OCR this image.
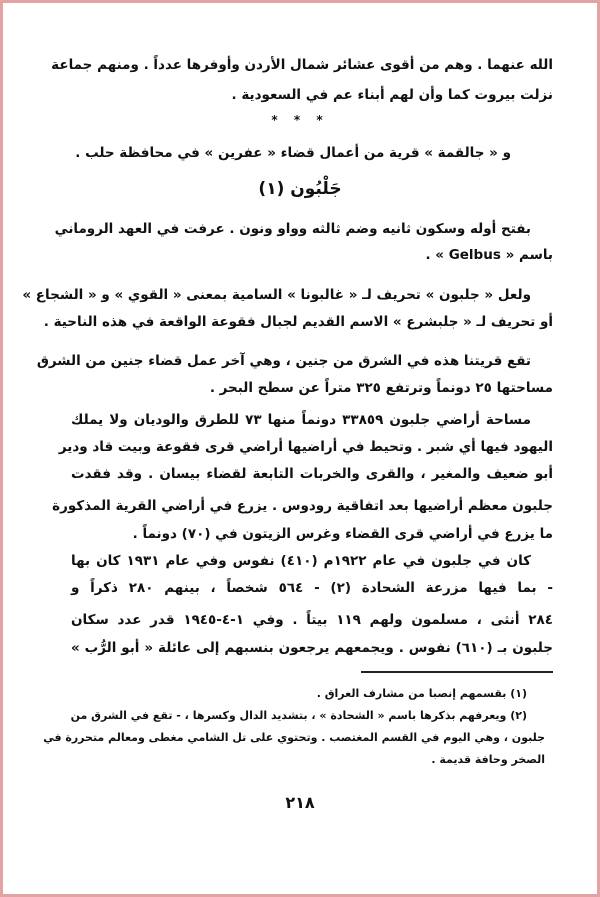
الله عنهما . وهم من أقوى عشائر شمال الأردن وأوفرها عدداً . ومنهم جماعة
نزلت بيروت كما وأن لهم أبناء عم في السعودية .
* * *
و « جالقمة » قرية من أعمال قضاء « عفرين » في محافظة حلب .
جَلْبُون (١)
بفتح أوله وسكون ثانيه وضم ثالثه وواو ونون . عرفت في العهد الروماني
باسم « Gelbus » .
ولعل « جلبون » تحريف لـ « غالبونا » السامية بمعنى « القوي » و « الشجاع »
أو تحريف لـ « جلبشرع » الاسم القديم لجبال فقوعة الواقعة في هذه الناحية .
تقع قريتنا هذه في الشرق من جنين ، وهي آخر عمل قضاء جنين من الشرق
مساحتها ٢٥ دونماً وترتفع ٣٢٥ متراً عن سطح البحر .
مساحة أراضي جلبون ٣٣٨٥٩ دونماً منها ٧٣ للطرق والوديان ولا يملك
اليهود فيها أي شبر . وتحيط في أراضيها أراضي قرى فقوعة وبيت قاد ودير
أبو ضعيف والمغير ، والقرى والخربات التابعة لقضاء بيسان . وقد فقدت
جلبون معظم أراضيها بعد اتفاقية رودوس . يزرع في أراضي القرية المذكورة
ما يزرع في أراضي قرى القضاء وغرس الزيتون في (٧٠) دونماً .
كان في جلبون في عام ١٩٢٢م (٤١٠) نفوس وفي عام ١٩٣١ كان بها
- بما فيها مزرعة الشحادة (٢) - ٥٦٤ شخصاً ، بينهم ٢٨٠ ذكراً و
٢٨٤ أنثى ، مسلمون ولهم ١١٩ بيتاً . وفي ١-٤-١٩٤٥ قدر عدد سكان
جلبون بـ (٦١٠) نفوس . ويجمعهم يرجعون بنسبهم إلى عائلة « أبو الرُّب »
(١) بقسمهم إنصبا من مشارف العراق .
(٢) ويعرفهم بذكرها باسم « الشحادة » ، بتشديد الدال وكسرها ، - تقع في الشرق من
جلبون ، وهي اليوم في القسم المغتصب . وتحتوي على تل الشامي مغطى ومعالم متحررة في
الصخر وحافة قديمة .
٢١٨
